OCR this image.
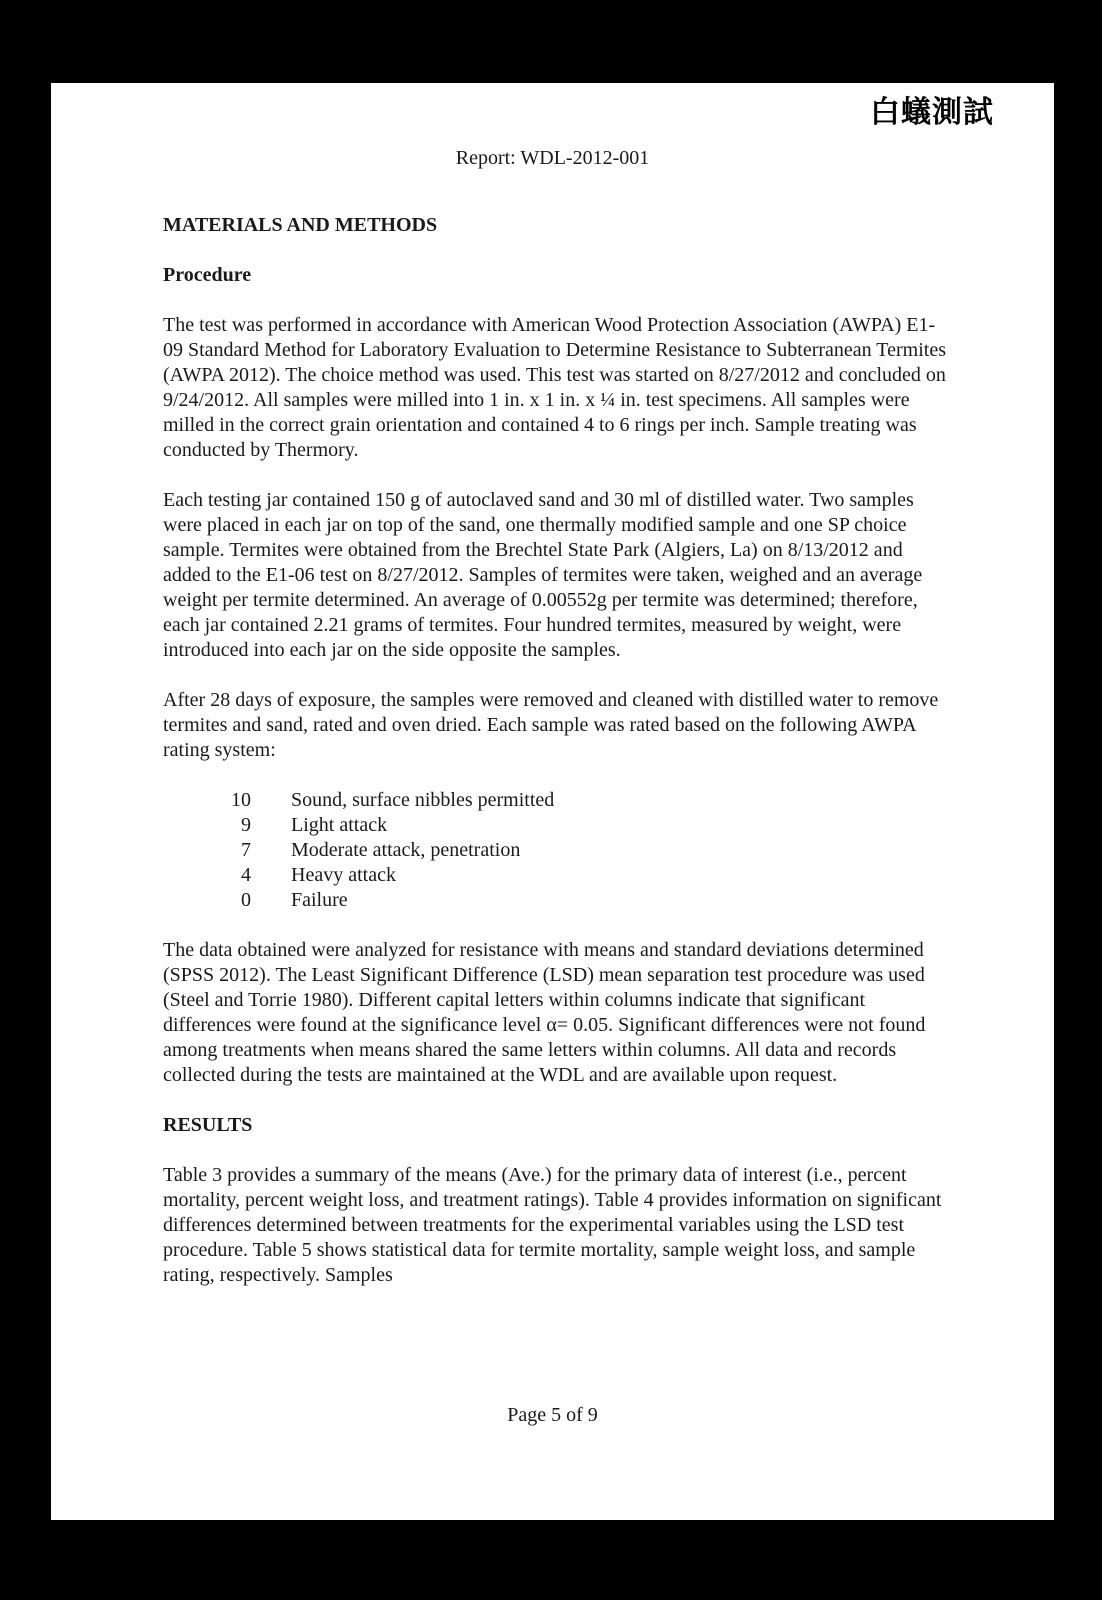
白蟻測試
Report: WDL-2012-001
MATERIALS AND METHODS
Procedure

The test was performed in accordance with American Wood Protection Association (AWPA) E1-09 Standard Method for Laboratory Evaluation to Determine Resistance to Subterranean Termites (AWPA 2012). The choice method was used. This test was started on 8/27/2012 and concluded on 9/24/2012. All samples were milled into 1 in. x 1 in. x ¼ in. test specimens. All samples were milled in the correct grain orientation and contained 4 to 6 rings per inch. Sample treating was conducted by Thermory.

Each testing jar contained 150 g of autoclaved sand and 30 ml of distilled water. Two samples were placed in each jar on top of the sand, one thermally modified sample and one SP choice sample. Termites were obtained from the Brechtel State Park (Algiers, La) on 8/13/2012 and added to the E1-06 test on 8/27/2012. Samples of termites were taken, weighed and an average weight per termite determined. An average of 0.00552g per termite was determined; therefore, each jar contained 2.21 grams of termites. Four hundred termites, measured by weight, were introduced into each jar on the side opposite the samples.

After 28 days of exposure, the samples were removed and cleaned with distilled water to remove termites and sand, rated and oven dried. Each sample was rated based on the following AWPA rating system:

10	Sound, surface nibbles permitted
9	Light attack
7	Moderate attack, penetration
4	Heavy attack
0	Failure

The data obtained were analyzed for resistance with means and standard deviations determined (SPSS 2012). The Least Significant Difference (LSD) mean separation test procedure was used (Steel and Torrie 1980). Different capital letters within columns indicate that significant differences were found at the significance level α= 0.05. Significant differences were not found among treatments when means shared the same letters within columns. All data and records collected during the tests are maintained at the WDL and are available upon request.

RESULTS

Table 3 provides a summary of the means (Ave.) for the primary data of interest (i.e., percent mortality, percent weight loss, and treatment ratings). Table 4 provides information on significant differences determined between treatments for the experimental variables using the LSD test procedure. Table 5 shows statistical data for termite mortality, sample weight loss, and sample rating, respectively. Samples

Page 5 of 9
